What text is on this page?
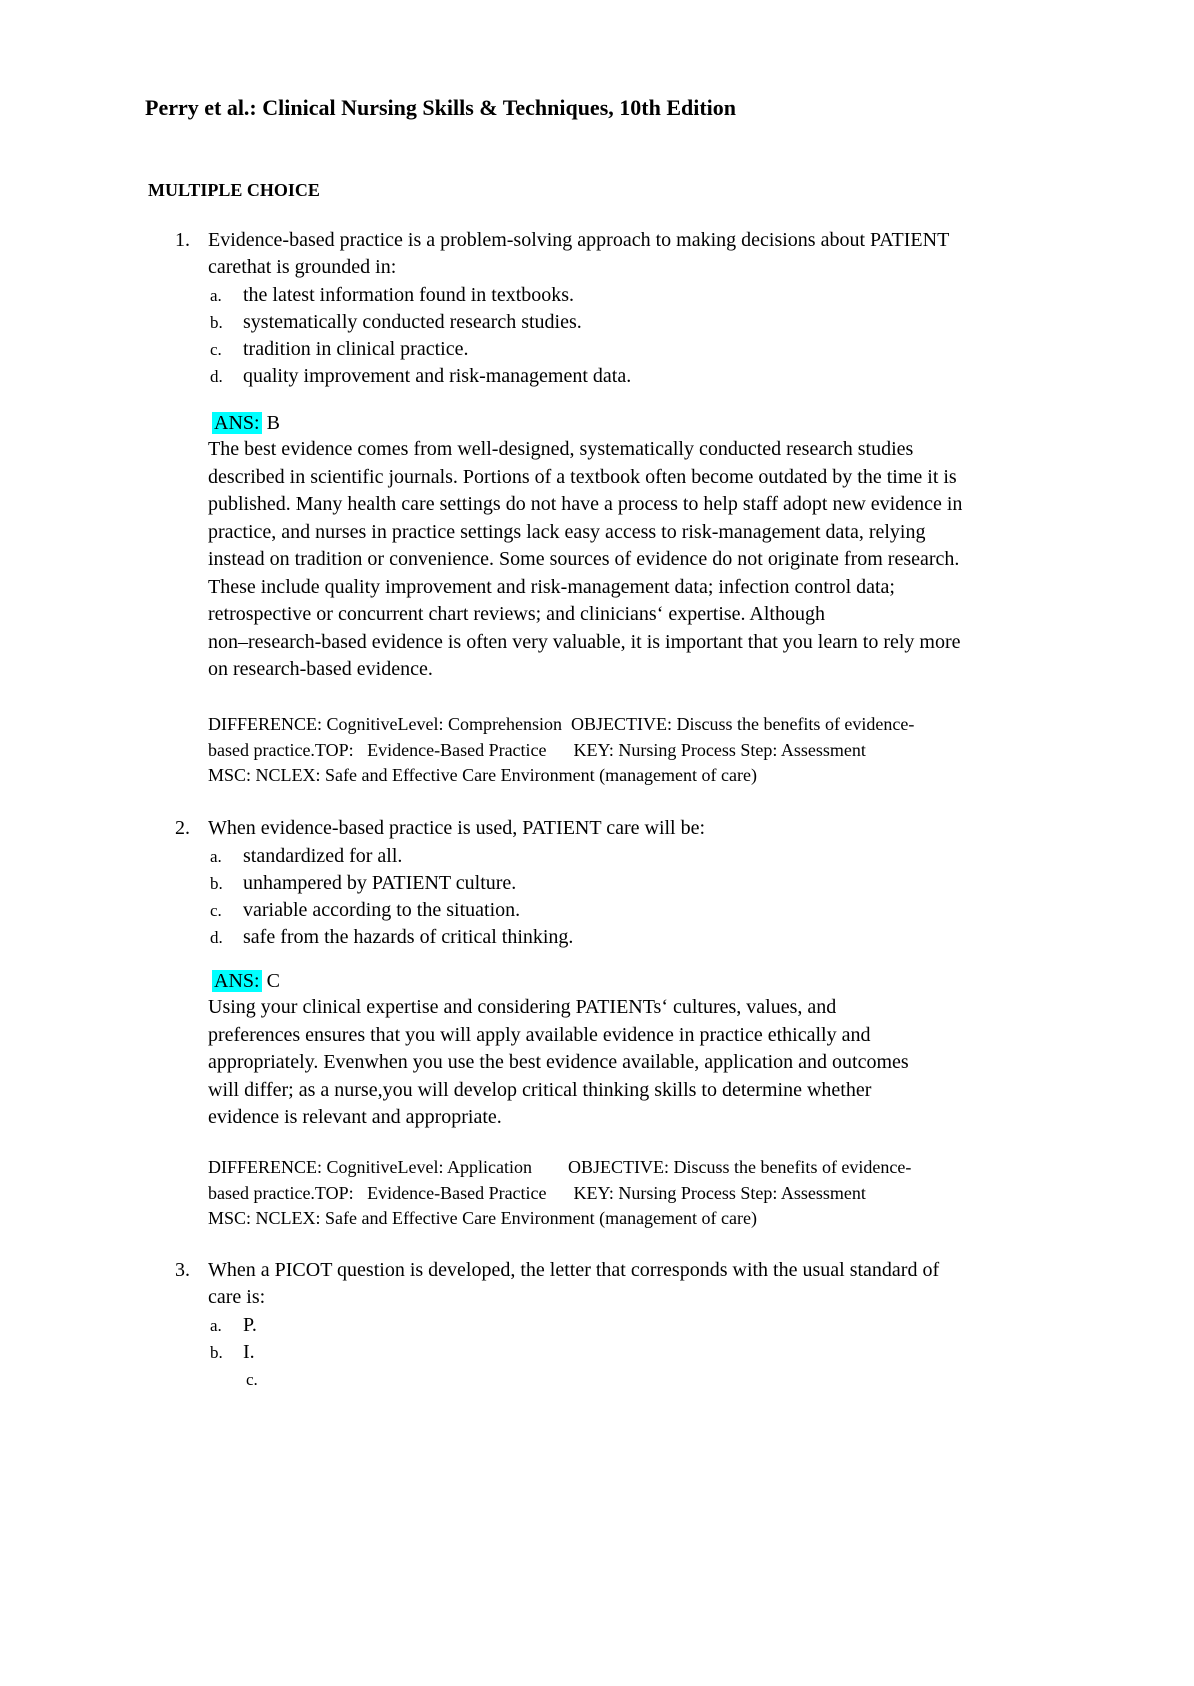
Perry et al.: Clinical Nursing Skills & Techniques, 10th Edition
MULTIPLE CHOICE
1. Evidence-based practice is a problem-solving approach to making decisions about PATIENT
carethat is grounded in:
a. the latest information found in textbooks.
b. systematically conducted research studies.
c. tradition in clinical practice.
d. quality improvement and risk-management data.
ANS: B

The best evidence comes from well-designed, systematically conducted research studies

described in scientific journals. Portions of a textbook often become outdated by the time it is

published. Many health care settings do not have a process to help staff adopt new evidence in

practice, and nurses in practice settings lack easy access to risk-management data, relying

instead on tradition or convenience. Some sources of evidence do not originate from research.

These include quality improvement and risk-management data; infection control data;

retrospective or concurrent chart reviews; and clinicians‘ expertise. Although

non–research-based evidence is often very valuable, it is important that you learn to rely more

on research-based evidence.

DIFFERENCE: CognitiveLevel: Comprehension  OBJECTIVE: Discuss the benefits of evidence-

based practice.TOP:   Evidence-Based Practice      KEY: Nursing Process Step: Assessment

MSC: NCLEX: Safe and Effective Care Environment (management of care)

2. When evidence-based practice is used, PATIENT care will be:
a. standardized for all.
b. unhampered by PATIENT culture.
c. variable according to the situation.
d. safe from the hazards of critical thinking.
ANS: C

Using your clinical expertise and considering PATIENTs‘ cultures, values, and

preferences ensures that you will apply available evidence in practice ethically and

appropriately. Evenwhen you use the best evidence available, application and outcomes

will differ; as a nurse,you will develop critical thinking skills to determine whether

evidence is relevant and appropriate.

DIFFERENCE: CognitiveLevel: Application        OBJECTIVE: Discuss the benefits of evidence-

based practice.TOP:   Evidence-Based Practice      KEY: Nursing Process Step: Assessment

MSC: NCLEX: Safe and Effective Care Environment (management of care)

3. When a PICOT question is developed, the letter that corresponds with the usual standard of
care is:
a. P.
b. I.
c.
